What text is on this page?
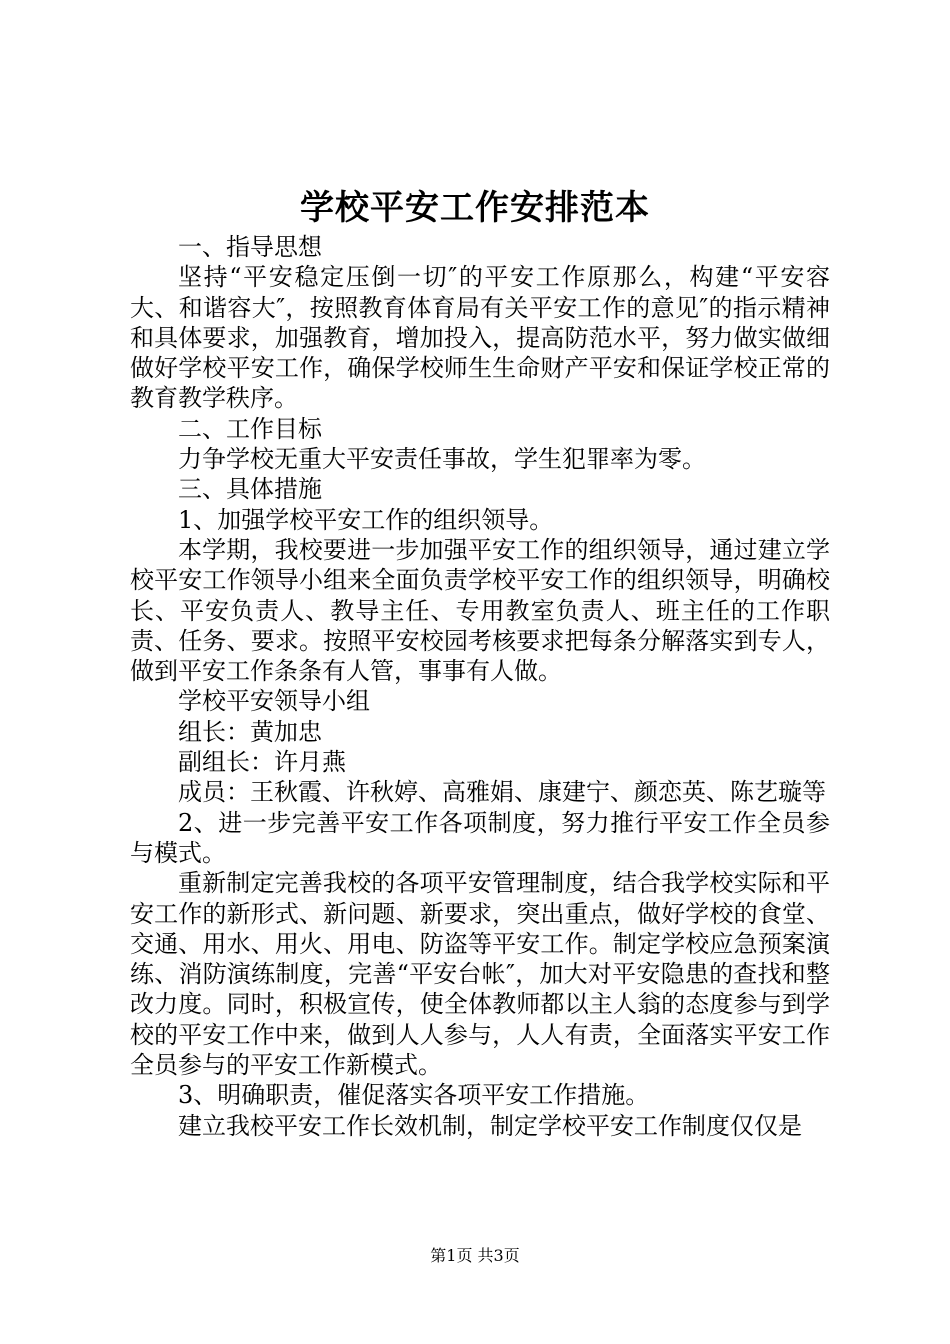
学校平安工作安排范本

一、指导思想

坚持“平安稳定压倒一切″的平安工作原那么，构建“平安容大、和谐容大″，按照教育体育局有关平安工作的意见″的指示精神和具体要求，加强教育，增加投入，提高防范水平，努力做实做细做好学校平安工作，确保学校师生生命财产平安和保证学校正常的教育教学秩序。

二、工作目标

力争学校无重大平安责任事故，学生犯罪率为零。

三、具体措施

1、加强学校平安工作的组织领导。

本学期，我校要进一步加强平安工作的组织领导，通过建立学校平安工作领导小组来全面负责学校平安工作的组织领导，明确校长、平安负责人、教导主任、专用教室负责人、班主任的工作职责、任务、要求。按照平安校园考核要求把每条分解落实到专人，做到平安工作条条有人管，事事有人做。

学校平安领导小组

组长：黄加忠

副组长：许月燕

成员：王秋霞、许秋婷、高雅娟、康建宁、颜恋英、陈艺璇等

2、进一步完善平安工作各项制度，努力推行平安工作全员参与模式。

重新制定完善我校的各项平安管理制度，结合我学校实际和平安工作的新形式、新问题、新要求，突出重点，做好学校的食堂、交通、用水、用火、用电、防盗等平安工作。制定学校应急预案演练、消防演练制度，完善“平安台帐″，加大对平安隐患的查找和整改力度。同时，积极宣传，使全体教师都以主人翁的态度参与到学校的平安工作中来，做到人人参与，人人有责，全面落实平安工作全员参与的平安工作新模式。

3、明确职责，催促落实各项平安工作措施。

建立我校平安工作长效机制，制定学校平安工作制度仅仅是

第1页 共3页
